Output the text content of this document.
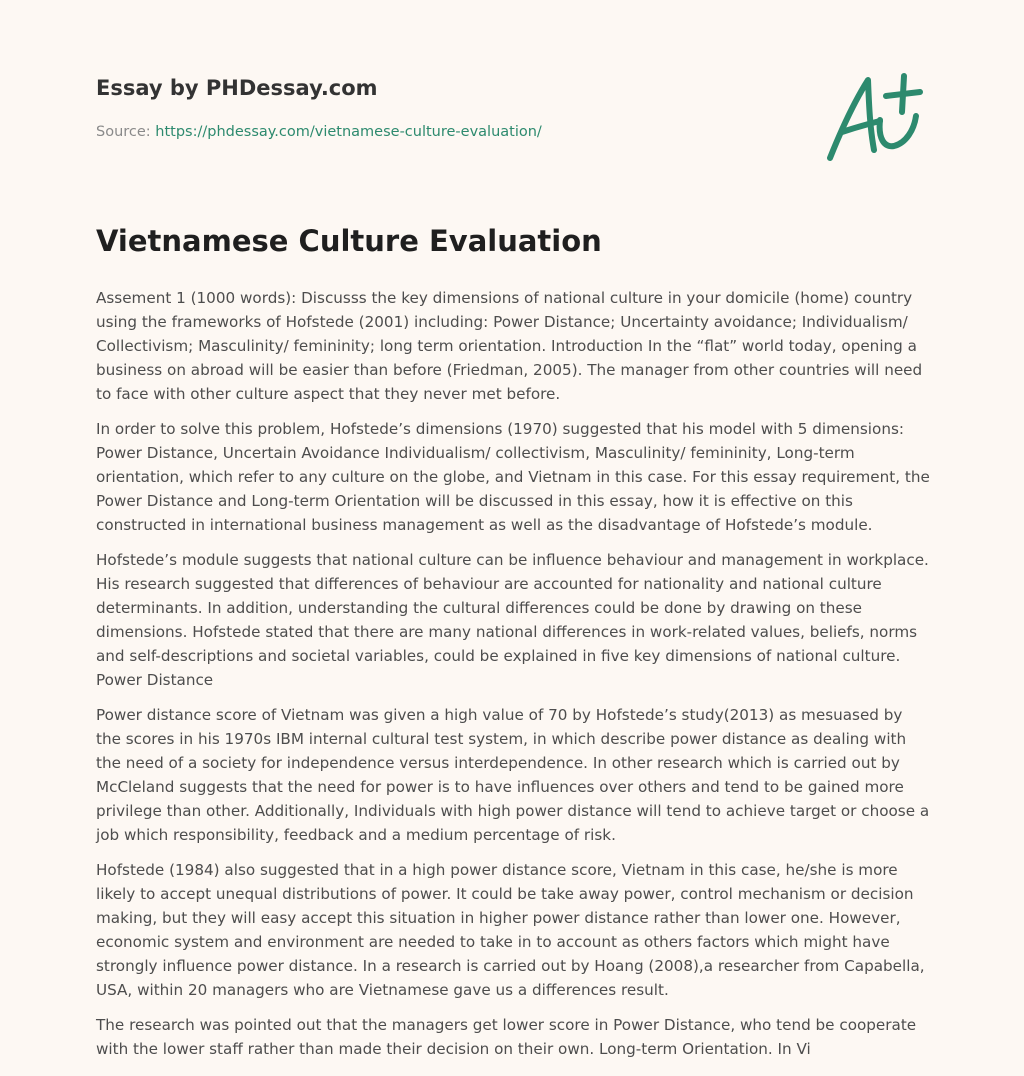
Essay by PHDessay.com
Source: https://phdessay.com/vietnamese-culture-evaluation/
Vietnamese Culture Evaluation

Assement 1 (1000 words): Discusss the key dimensions of national culture in your domicile (home) country using the frameworks of Hofstede (2001) including: Power Distance; Uncertainty avoidance; Individualism/ Collectivism; Masculinity/ femininity; long term orientation. Introduction In the “flat” world today, opening a business on abroad will be easier than before (Friedman, 2005). The manager from other countries will need to face with other culture aspect that they never met before.

In order to solve this problem, Hofstede’s dimensions (1970) suggested that his model with 5 dimensions: Power Distance, Uncertain Avoidance Individualism/ collectivism, Masculinity/ femininity, Long-term orientation, which refer to any culture on the globe, and Vietnam in this case. For this essay requirement, the Power Distance and Long-term Orientation will be discussed in this essay, how it is effective on this constructed in international business management as well as the disadvantage of Hofstede’s module.

Hofstede’s module suggests that national culture can be influence behaviour and management in workplace. His research suggested that differences of behaviour are accounted for nationality and national culture determinants. In addition, understanding the cultural differences could be done by drawing on these dimensions. Hofstede stated that there are many national differences in work-related values, beliefs, norms and self-descriptions and societal variables, could be explained in five key dimensions of national culture. Power Distance

Power distance score of Vietnam was given a high value of 70 by Hofstede’s study(2013) as mesuased by the scores in his 1970s IBM internal cultural test system, in which describe power distance as dealing with the need of a society for independence versus interdependence. In other research which is carried out by McCleland suggests that the need for power is to have influences over others and tend to be gained more privilege than other. Additionally, Individuals with high power distance will tend to achieve target or choose a job which responsibility, feedback and a medium percentage of risk.

Hofstede (1984) also suggested that in a high power distance score, Vietnam in this case, he/she is more likely to accept unequal distributions of power. It could be take away power, control mechanism or decision making, but they will easy accept this situation in higher power distance rather than lower one. However, economic system and environment are needed to take in to account as others factors which might have strongly influence power distance. In a research is carried out by Hoang (2008),a researcher from Capabella, USA, within 20 managers who are Vietnamese gave us a differences result.

The research was pointed out that the managers get lower score in Power Distance, who tend be cooperate with the lower staff rather than made their decision on their own. Long-term Orientation. In Vi
